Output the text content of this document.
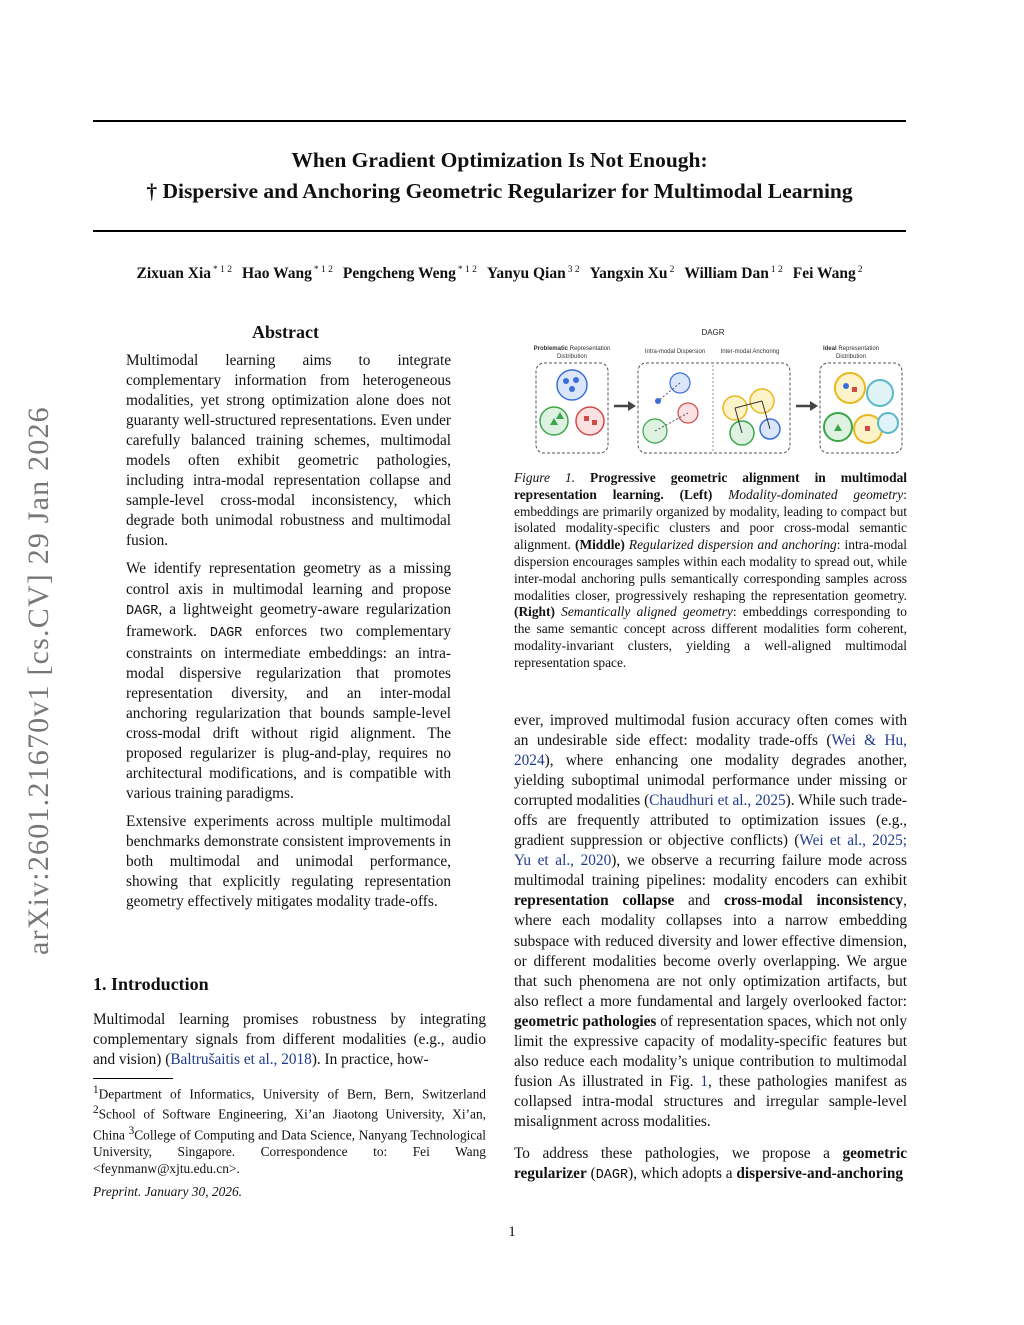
When Gradient Optimization Is Not Enough:
† Dispersive and Anchoring Geometric Regularizer for Multimodal Learning
Zixuan Xia $^{* 1 2}$ Hao Wang $^{* 1 2}$ Pengcheng Weng $^{* 1 2}$ Yanyu Qian $^{3 2}$ Yangxin Xu $^2$ William Dan $^{1 2}$ Fei Wang $^2$
arXiv:2601.21670v1 [cs.CV] 29 Jan 2026
Abstract

Multimodal learning aims to integrate complementary information from heterogeneous modalities, yet strong optimization alone does not guaranty well-structured representations. Even under carefully balanced training schemes, multimodal models often exhibit geometric pathologies, including intra-modal representation collapse and sample-level cross-modal inconsistency, which degrade both unimodal robustness and multimodal fusion.

We identify representation geometry as a missing control axis in multimodal learning and propose DAGR, a lightweight geometry-aware regularization framework. DAGR enforces two complementary constraints on intermediate embeddings: an intra-modal dispersive regularization that promotes representation diversity, and an inter-modal anchoring regularization that bounds sample-level cross-modal drift without rigid alignment. The proposed regularizer is plug-and-play, requires no architectural modifications, and is compatible with various training paradigms.

Extensive experiments across multiple multimodal benchmarks demonstrate consistent improvements in both multimodal and unimodal performance, showing that explicitly regulating representation geometry effectively mitigates modality trade-offs.

1. Introduction
Multimodal learning promises robustness by integrating complementary signals from different modalities (e.g., audio and vision) (Baltrušaitis et al., 2018). In practice, how-
$^1$Department of Informatics, University of Bern, Bern, Switzerland $^2$School of Software Engineering, Xi’an Jiaotong University, Xi’an, China $^3$College of Computing and Data Science, Nanyang Technological University, Singapore. Correspondence to: Fei Wang <feynmanw@xjtu.edu.cn>.
Preprint. January 30, 2026.
DAGR
Problematic Representation
Distribution
Intra-modal Dispersion	Inter-modal Anchoring	Ideal Representation
Distribution
Figure 1. Progressive geometric alignment in multimodal representation learning. (Left) Modality-dominated geometry: embeddings are primarily organized by modality, leading to compact but isolated modality-specific clusters and poor cross-modal semantic alignment. (Middle) Regularized dispersion and anchoring: intra-modal dispersion encourages samples within each modality to spread out, while inter-modal anchoring pulls semantically corresponding samples across modalities closer, progressively reshaping the representation geometry. (Right) Semantically aligned geometry: embeddings corresponding to the same semantic concept across different modalities form coherent, modality-invariant clusters, yielding a well-aligned multimodal representation space.

ever, improved multimodal fusion accuracy often comes with an undesirable side effect: modality trade-offs (Wei & Hu, 2024), where enhancing one modality degrades another, yielding suboptimal unimodal performance under missing or corrupted modalities (Chaudhuri et al., 2025). While such trade-offs are frequently attributed to optimization issues (e.g., gradient suppression or objective conflicts) (Wei et al., 2025; Yu et al., 2020), we observe a recurring failure mode across multimodal training pipelines: modality encoders can exhibit representation collapse and cross-modal inconsistency, where each modality collapses into a narrow embedding subspace with reduced diversity and lower effective dimension, or different modalities become overly overlapping. We argue that such phenomena are not only optimization artifacts, but also reflect a more fundamental and largely overlooked factor: geometric pathologies of representation spaces, which not only limit the expressive capacity of modality-specific features but also reduce each modality’s unique contribution to multimodal fusion As illustrated in Fig. 1, these pathologies manifest as collapsed intra-modal structures and irregular sample-level misalignment across modalities.

To address these pathologies, we propose a geometric regularizer (DAGR), which adopts a dispersive-and-anchoring

1
